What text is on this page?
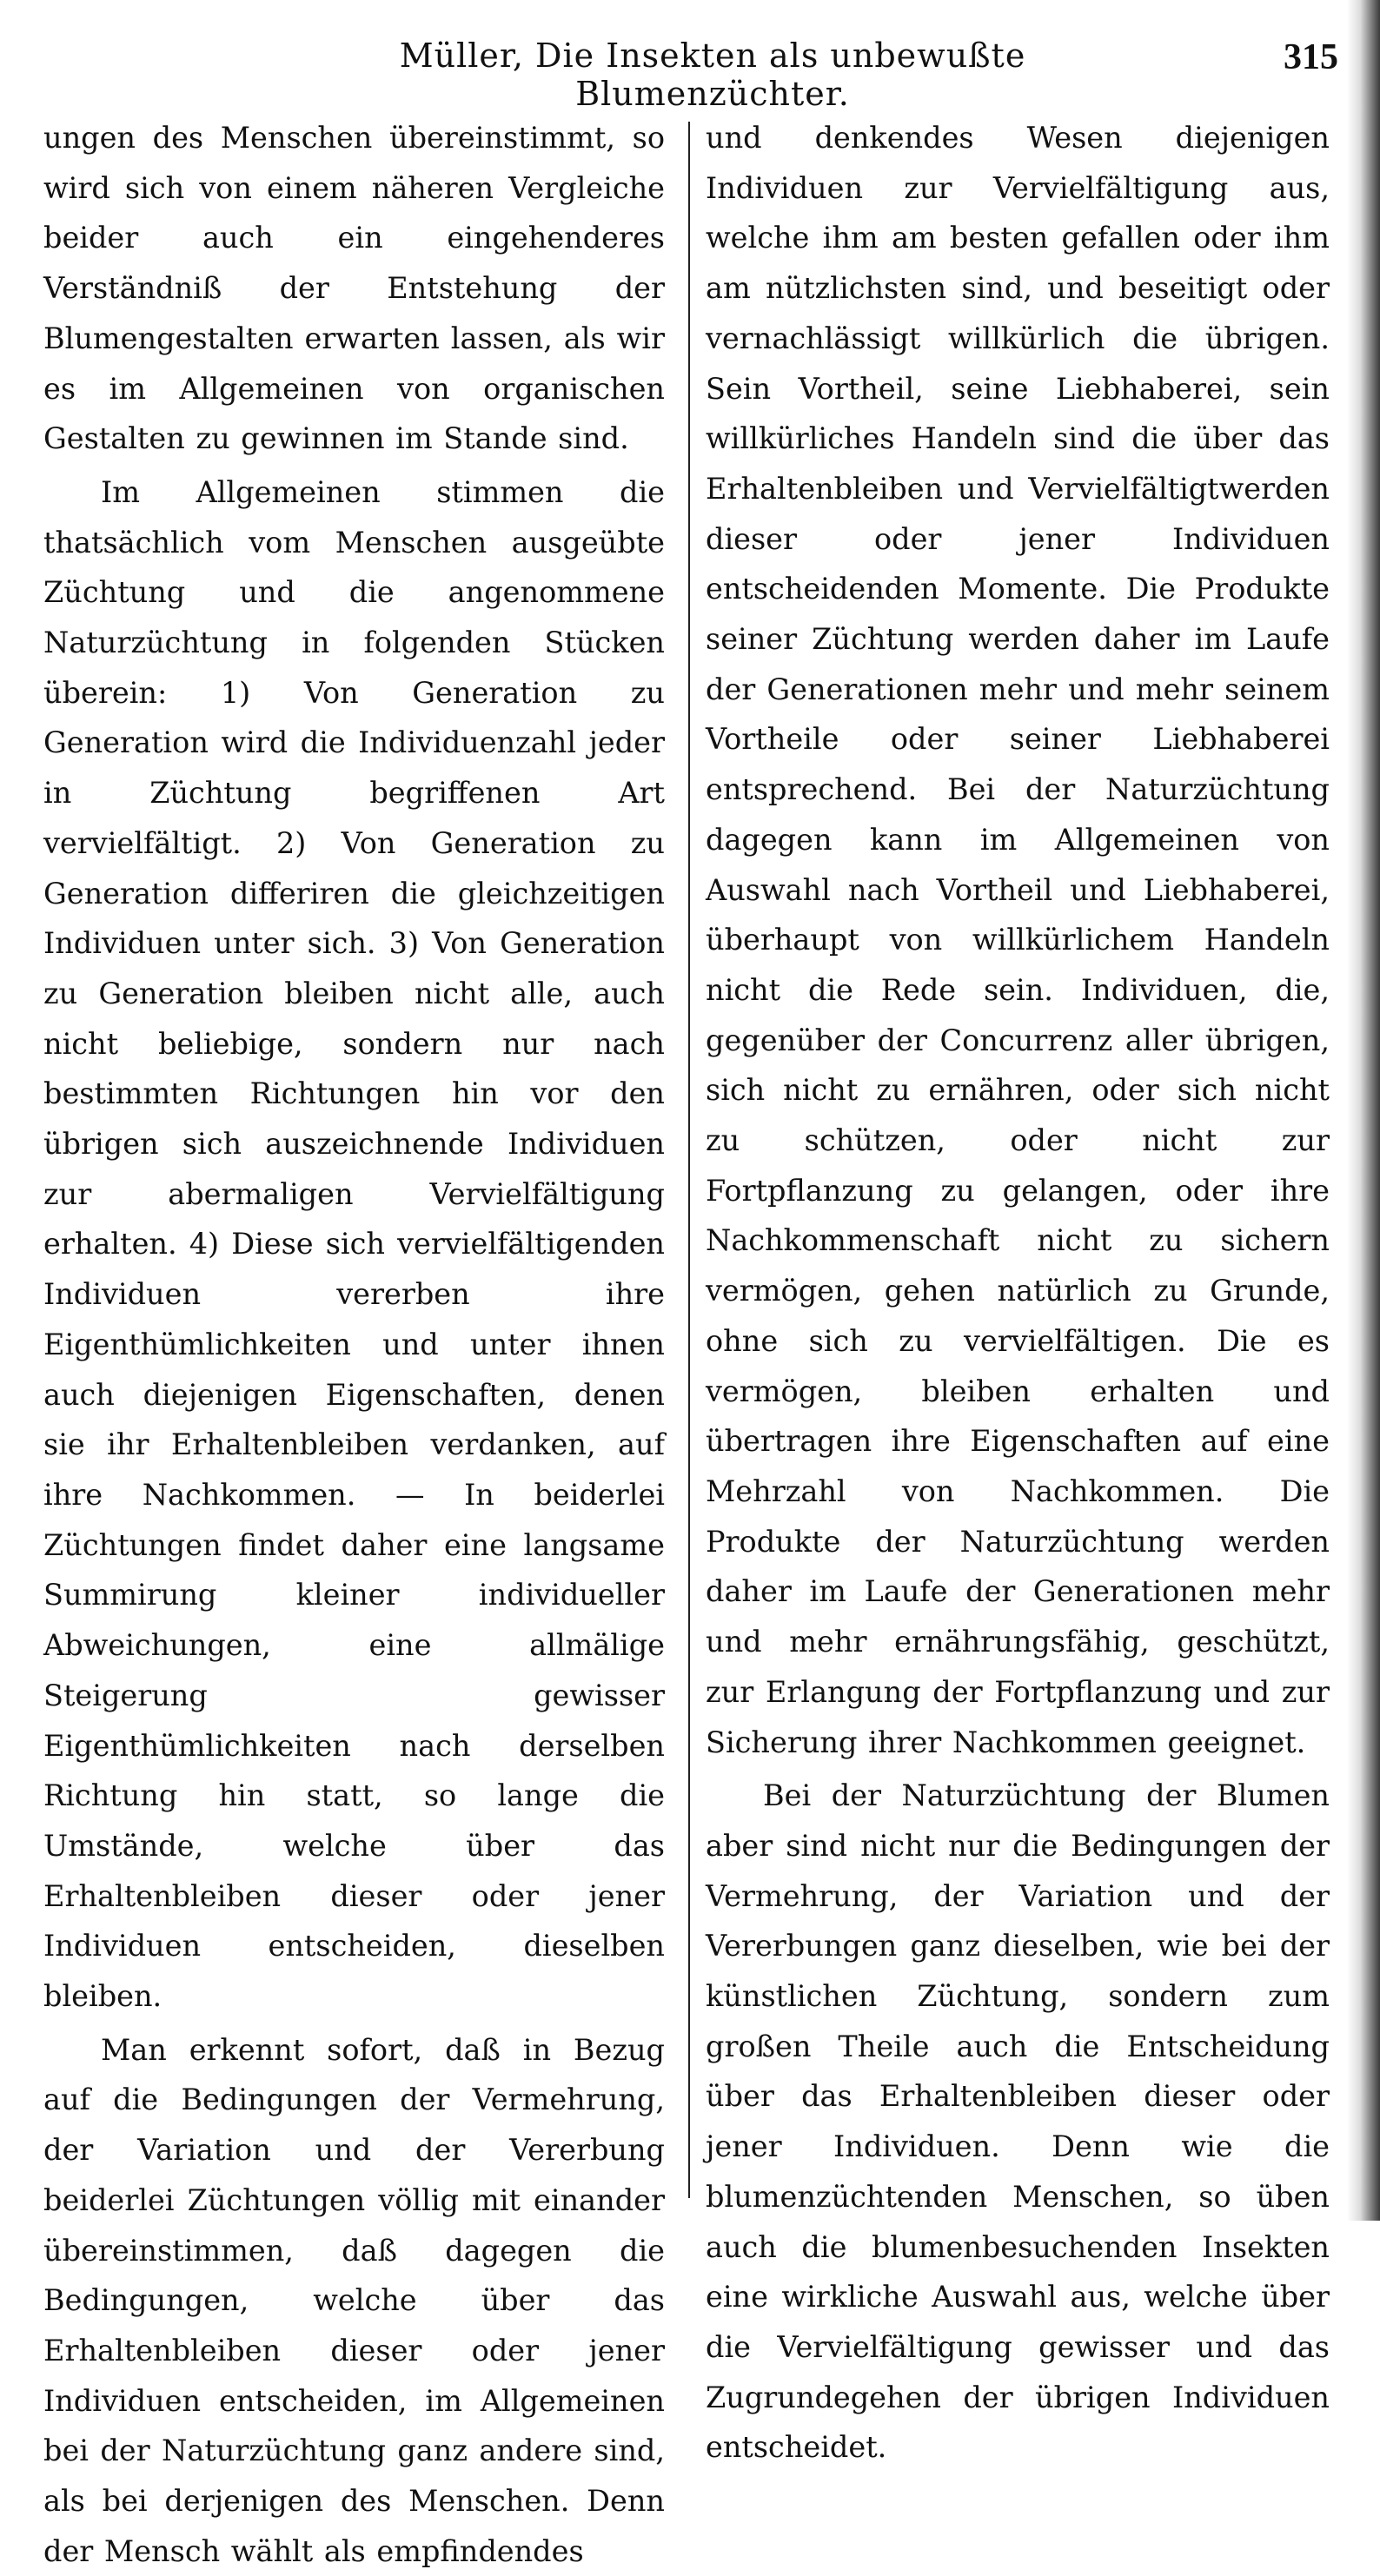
Müller, Die Insekten als unbewußte Blumenzüchter.
315

ungen des Menschen übereinstimmt, so wird sich von einem näheren Vergleiche beider auch ein eingehenderes Verständniß der Entstehung der Blumengestalten erwarten lassen, als wir es im Allgemeinen von organischen Gestalten zu gewinnen im Stande sind.

Im Allgemeinen stimmen die thatsächlich vom Menschen ausgeübte Züchtung und die angenommene Naturzüchtung in folgenden Stücken überein: 1) Von Generation zu Generation wird die Individuenzahl jeder in Züchtung begriffenen Art vervielfältigt. 2) Von Generation zu Generation differiren die gleichzeitigen Individuen unter sich. 3) Von Generation zu Generation bleiben nicht alle, auch nicht beliebige, sondern nur nach bestimmten Richtungen hin vor den übrigen sich auszeichnende Individuen zur abermaligen Vervielfältigung erhalten. 4) Diese sich vervielfältigenden Individuen vererben ihre Eigenthümlichkeiten und unter ihnen auch diejenigen Eigenschaften, denen sie ihr Erhaltenbleiben verdanken, auf ihre Nachkommen. — In beiderlei Züchtungen findet daher eine langsame Summirung kleiner individueller Abweichungen, eine allmälige Steigerung gewisser Eigenthümlichkeiten nach derselben Richtung hin statt, so lange die Umstände, welche über das Erhaltenbleiben dieser oder jener Individuen entscheiden, dieselben bleiben.

Man erkennt sofort, daß in Bezug auf die Bedingungen der Vermehrung, der Variation und der Vererbung beiderlei Züchtungen völlig mit einander übereinstimmen, daß dagegen die Bedingungen, welche über das Erhaltenbleiben dieser oder jener Individuen entscheiden, im Allgemeinen bei der Naturzüchtung ganz andere sind, als bei derjenigen des Menschen. Denn der Mensch wählt als empfindendes

und denkendes Wesen diejenigen Individuen zur Vervielfältigung aus, welche ihm am besten gefallen oder ihm am nützlichsten sind, und beseitigt oder vernachlässigt willkürlich die übrigen. Sein Vortheil, seine Liebhaberei, sein willkürliches Handeln sind die über das Erhaltenbleiben und Vervielfältigtwerden dieser oder jener Individuen entscheidenden Momente. Die Produkte seiner Züchtung werden daher im Laufe der Generationen mehr und mehr seinem Vortheile oder seiner Liebhaberei entsprechend. Bei der Naturzüchtung dagegen kann im Allgemeinen von Auswahl nach Vortheil und Liebhaberei, überhaupt von willkürlichem Handeln nicht die Rede sein. Individuen, die, gegenüber der Concurrenz aller übrigen, sich nicht zu ernähren, oder sich nicht zu schützen, oder nicht zur Fortpflanzung zu gelangen, oder ihre Nachkommenschaft nicht zu sichern vermögen, gehen natürlich zu Grunde, ohne sich zu vervielfältigen. Die es vermögen, bleiben erhalten und übertragen ihre Eigenschaften auf eine Mehrzahl von Nachkommen. Die Produkte der Naturzüchtung werden daher im Laufe der Generationen mehr und mehr ernährungsfähig, geschützt, zur Erlangung der Fortpflanzung und zur Sicherung ihrer Nachkommen geeignet.

Bei der Naturzüchtung der Blumen aber sind nicht nur die Bedingungen der Vermehrung, der Variation und der Vererbungen ganz dieselben, wie bei der künstlichen Züchtung, sondern zum großen Theile auch die Entscheidung über das Erhaltenbleiben dieser oder jener Individuen. Denn wie die blumenzüchtenden Menschen, so üben auch die blumenbesuchenden Insekten eine wirkliche Auswahl aus, welche über die Vervielfältigung gewisser und das Zugrundegehen der übrigen Individuen entscheidet.
